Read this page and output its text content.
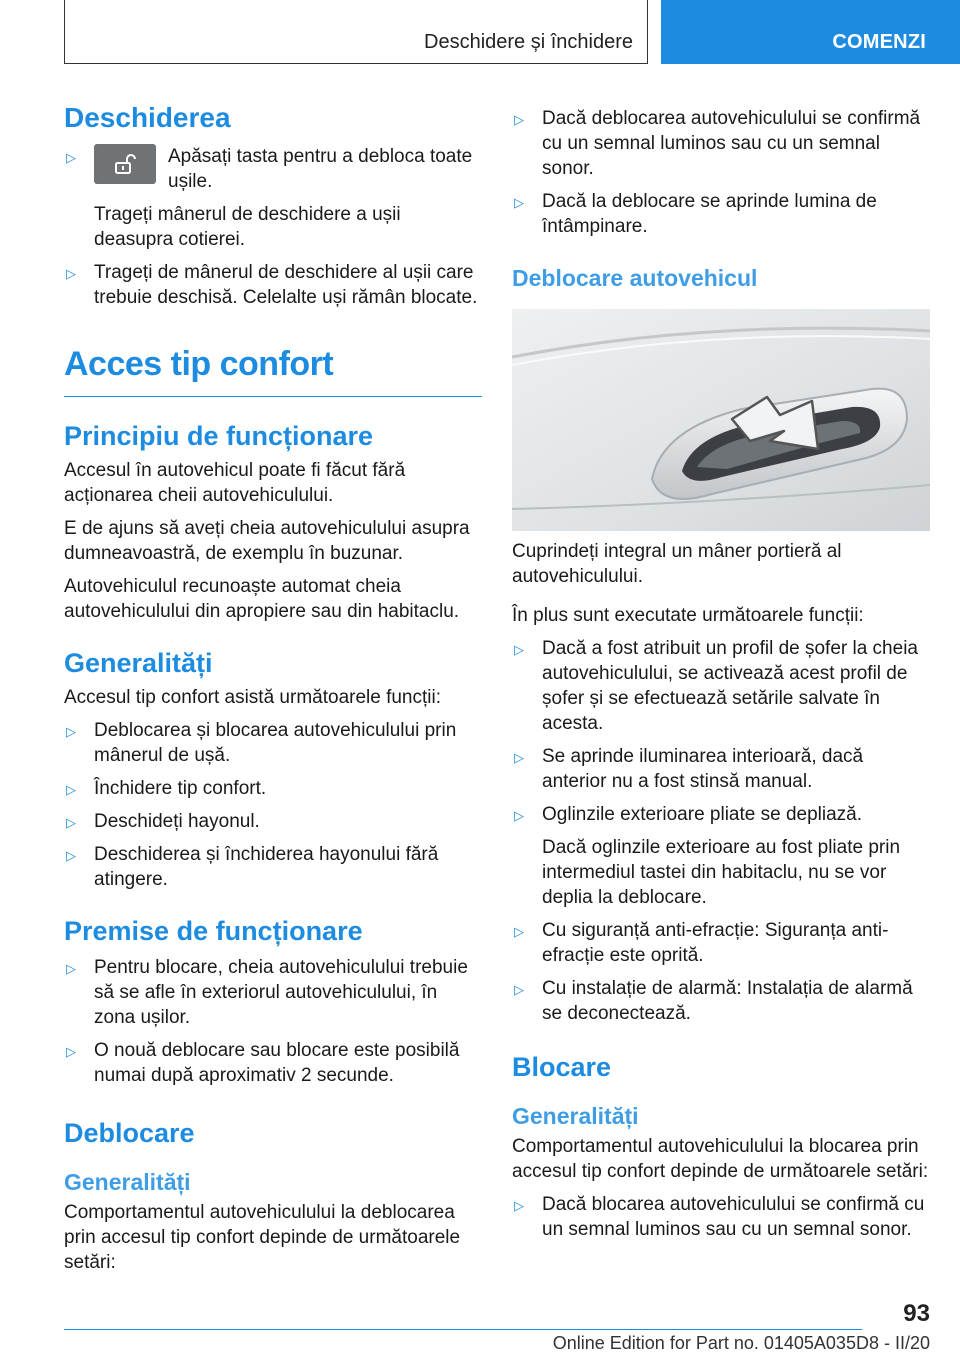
Deschidere și închidere	COMENZI
Deschiderea
▷	Apăsați tasta pentru a debloca toate ușile.
Trageți mânerul de deschidere a ușii deasupra cotierei.
▷ Trageți de mânerul de deschidere al ușii care trebuie deschisă. Celelalte uși rămân blocate.
Acces tip confort
Principiu de funcționare

Accesul în autovehicul poate fi făcut fără acționarea cheii autovehiculului.

E de ajuns să aveți cheia autovehiculului asupra dumneavoastră, de exemplu în buzunar.

Autovehiculul recunoaște automat cheia autovehiculului din apropiere sau din habitaclu.

Generalități

Accesul tip confort asistă următoarele funcții:

▷ Deblocarea și blocarea autovehiculului prin mânerul de ușă.
▷ Închidere tip confort.
▷ Deschideți hayonul.
▷ Deschiderea și închiderea hayonului fără atingere.
Premise de funcționare
▷ Pentru blocare, cheia autovehiculului trebuie să se afle în exteriorul autovehiculului, în zona ușilor.
▷ O nouă deblocare sau blocare este posibilă numai după aproximativ 2 secunde.
Deblocare
Generalități

Comportamentul autovehiculului la deblocarea prin accesul tip confort depinde de următoarele setări:

▷ Dacă deblocarea autovehiculului se confirmă cu un semnal luminos sau cu un semnal sonor.
▷ Dacă la deblocare se aprinde lumina de întâmpinare.
Deblocare autovehicul

Cuprindeți integral un mâner portieră al autovehiculului.

În plus sunt executate următoarele funcții:

▷ Dacă a fost atribuit un profil de șofer la cheia autovehiculului, se activează acest profil de șofer și se efectuează setările salvate în acesta.
▷ Se aprinde iluminarea interioară, dacă anterior nu a fost stinsă manual.
▷ Oglinzile exterioare pliate se depliază.
Dacă oglinzile exterioare au fost pliate prin intermediul tastei din habitaclu, nu se vor deplia la deblocare.
▷ Cu siguranță anti-efracție: Siguranța anti-efracție este oprită.
▷ Cu instalație de alarmă: Instalația de alarmă se deconectează.
Blocare
Generalități

Comportamentul autovehiculului la blocarea prin accesul tip confort depinde de următoarele setări:

▷ Dacă blocarea autovehiculului se confirmă cu un semnal luminos sau cu un semnal sonor.
93
Online Edition for Part no. 01405A035D8 - II/20
